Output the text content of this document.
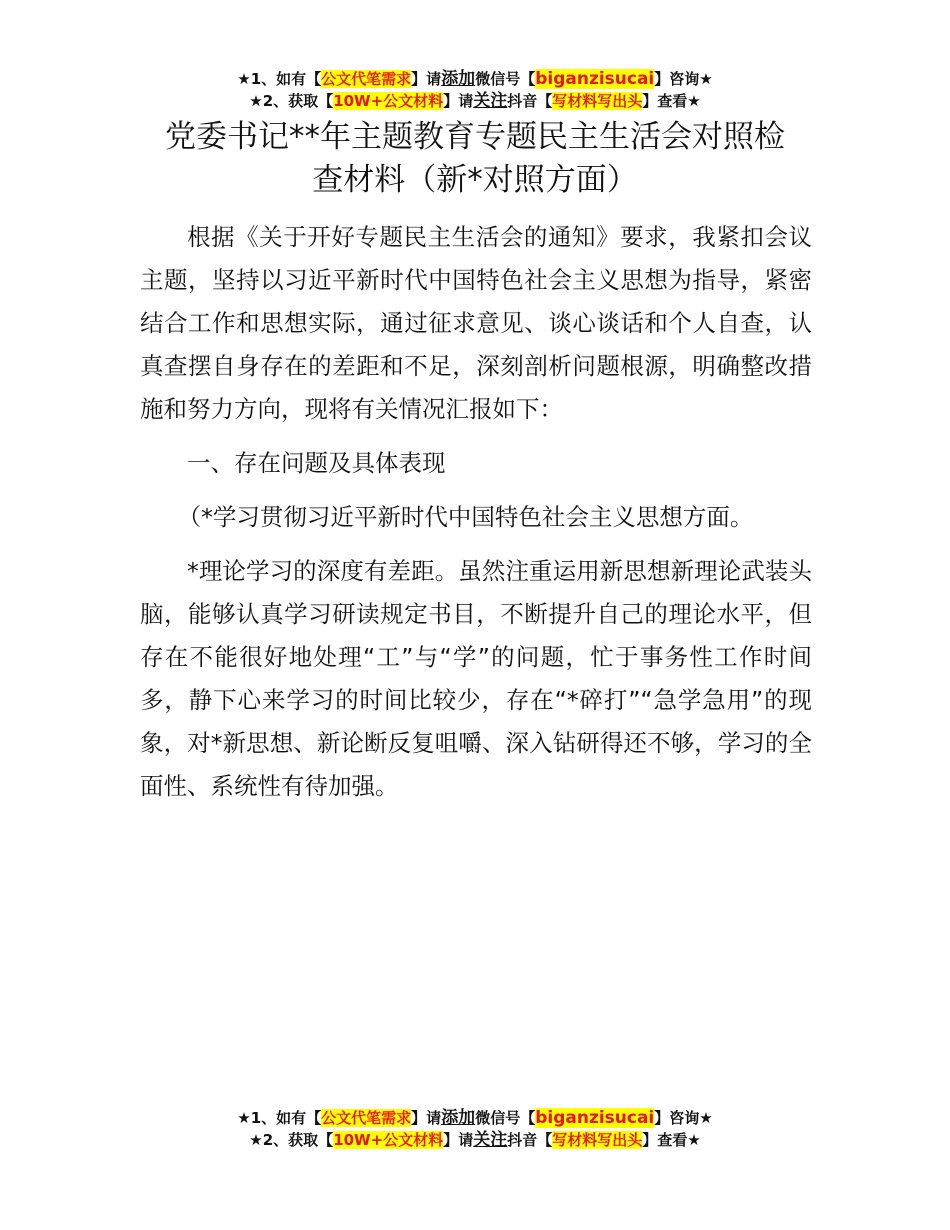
★1、如有【公文代笔需求】请添加微信号【biganzisucai】咨询★
★2、获取【10W+公文材料】请关注抖音【写材料写出头】查看★
党委书记**年主题教育专题民主生活会对照检
查材料（新*对照方面）

根据《关于开好专题民主生活会的通知》要求，我紧扣会议主题，坚持以习近平新时代中国特色社会主义思想为指导，紧密结合工作和思想实际，通过征求意见、谈心谈话和个人自查，认真查摆自身存在的差距和不足，深刻剖析问题根源，明确整改措施和努力方向，现将有关情况汇报如下：

一、存在问题及具体表现

（*学习贯彻习近平新时代中国特色社会主义思想方面。

*理论学习的深度有差距。虽然注重运用新思想新理论武装头脑，能够认真学习研读规定书目，不断提升自己的理论水平，但存在不能很好地处理“工”与“学”的问题，忙于事务性工作时间多，静下心来学习的时间比较少，存在“*碎打”“急学急用”的现象，对*新思想、新论断反复咀嚼、深入钻研得还不够，学习的全面性、系统性有待加强。

★1、如有【公文代笔需求】请添加微信号【biganzisucai】咨询★
★2、获取【10W+公文材料】请关注抖音【写材料写出头】查看★
